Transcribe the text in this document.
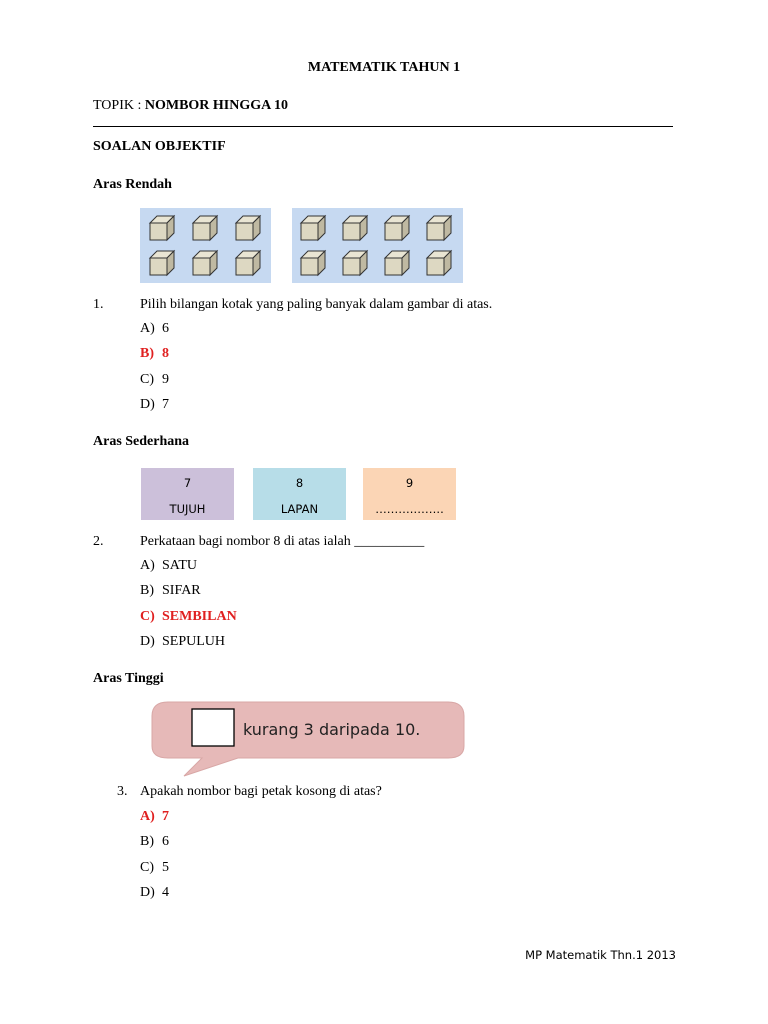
MATEMATIK TAHUN 1
TOPIK : NOMBOR HINGGA 10
SOALAN OBJEKTIF
Aras Rendah
1.	Pilih bilangan kotak yang paling banyak dalam gambar di atas.
A) 6
B) 8
C) 9
D) 7
Aras Sederhana
7
TUJUH
8
LAPAN
9
……….……..
2.	Perkataan bagi nombor 8 di atas ialah __________
A) SATU
B) SIFAR
C) SEMBILAN
D) SEPULUH
Aras Tinggi
kurang 3 daripada 10.
3. Apakah nombor bagi petak kosong di atas?
A) 7
B) 6
C) 5
D) 4
MP Matematik Thn.1 2013
